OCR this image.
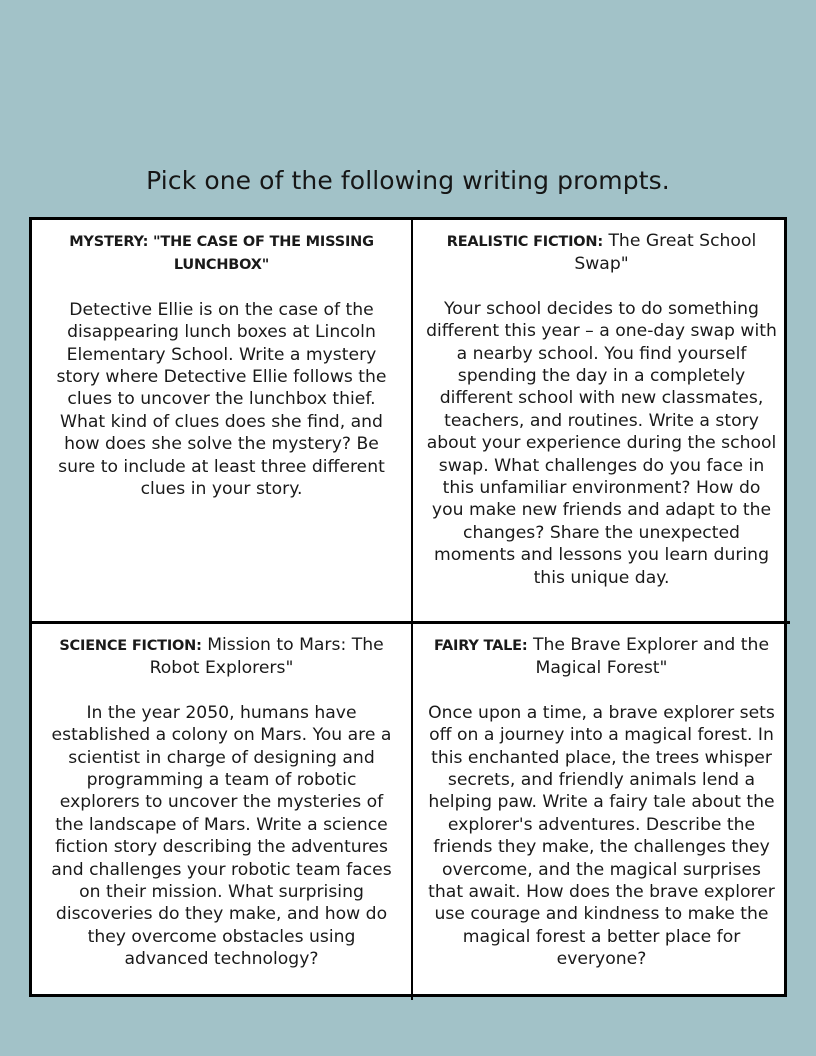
Pick one of the following writing prompts.

MYSTERY: "THE CASE OF THE MISSING LUNCHBOX"

Detective Ellie is on the case of the disappearing lunch boxes at Lincoln Elementary School. Write a mystery story where Detective Ellie follows the clues to uncover the lunchbox thief. What kind of clues does she find, and how does she solve the mystery? Be sure to include at least three different clues in your story.

REALISTIC FICTION: The Great School Swap"

Your school decides to do something different this year – a one-day swap with a nearby school. You find yourself spending the day in a completely different school with new classmates, teachers, and routines. Write a story about your experience during the school swap. What challenges do you face in this unfamiliar environment? How do you make new friends and adapt to the changes? Share the unexpected moments and lessons you learn during this unique day.

SCIENCE FICTION: Mission to Mars: The Robot Explorers"

In the year 2050, humans have established a colony on Mars. You are a scientist in charge of designing and programming a team of robotic explorers to uncover the mysteries of the landscape of Mars. Write a science fiction story describing the adventures and challenges your robotic team faces on their mission. What surprising discoveries do they make, and how do they overcome obstacles using advanced technology?

FAIRY TALE: The Brave Explorer and the Magical Forest"

Once upon a time, a brave explorer sets off on a journey into a magical forest. In this enchanted place, the trees whisper secrets, and friendly animals lend a helping paw. Write a fairy tale about the explorer's adventures. Describe the friends they make, the challenges they overcome, and the magical surprises that await. How does the brave explorer use courage and kindness to make the magical forest a better place for everyone?
